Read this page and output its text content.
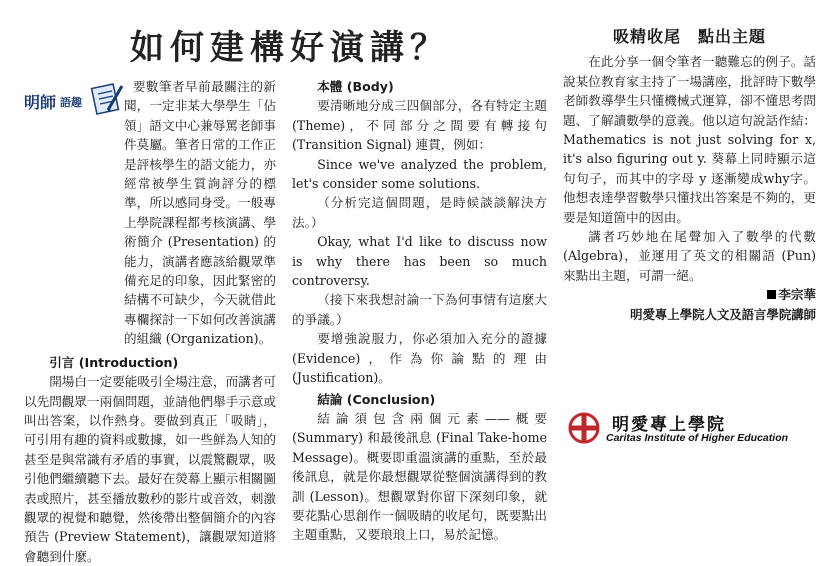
如何建構好演講？
明師 語趣

要數筆者早前最關注的新聞，一定非某大學學生「佔領」語文中心兼辱罵老師事件莫屬。筆者日常的工作正是評核學生的語文能力，亦經常被學生質詢評分的標準，所以感同身受。一般專上學院課程都考核演講、學術簡介 (Presentation) 的能力，演講者應該給觀眾準備充足的印象，因此緊密的結構不可缺少，今天就借此專欄探討一下如何改善演講的組織 (Organization)。

引言 (Introduction)

開場白一定要能吸引全場注意，而講者可以先問觀眾一兩個問題，並請他們舉手示意或叫出答案，以作熱身。要做到真正「吸睛」，可引用有趣的資料或數據，如一些鮮為人知的甚至是與常識有矛盾的事實，以震驚觀眾，吸引他們繼續聽下去。最好在熒幕上顯示相關圖表或照片，甚至播放數秒的影片或音效，刺激觀眾的視覺和聽覺，然後帶出整個簡介的內容預告 (Preview Statement)，讓觀眾知道將會聽到什麼。

本體 (Body)

要清晰地分成三四個部分，各有特定主題 (Theme)，不同部分之間要有轉接句 (Transition Signal) 連貫，例如：

Since we've analyzed the problem, let's consider some solutions.

（分析完這個問題，是時候談談解決方法。）

Okay, what I'd like to discuss now is why there has been so much controversy.

（接下來我想討論一下為何事情有這麼大的爭議。）

要增強說服力，你必須加入充分的證據 (Evidence)，作為你論點的理由 (Justification)。

結論 (Conclusion)

結論須包含兩個元素——概要 (Summary) 和最後訊息 (Final Take-home Message)。概要即重溫演講的重點，至於最後訊息，就是你最想觀眾從整個演講得到的教訓 (Lesson)。想觀眾對你留下深刻印象，就要花點心思創作一個吸睛的收尾句，既要點出主題重點，又要琅琅上口，易於記憶。

吸精收尾　點出主題

在此分享一個令筆者一聽難忘的例子。話說某位教育家主持了一場講座，批評時下數學老師教導學生只懂機械式運算，卻不懂思考問題、了解讀數學的意義。他以這句說話作結：Mathematics is not just solving for x, it's also figuring out y. 葵幕上同時顯示這句句子，而其中的字母 y 逐漸變成why字。他想表達學習數學只懂找出答案是不夠的，更要是知道箇中的因由。

講者巧妙地在尾聲加入了數學的代數 (Algebra)，並運用了英文的相關語 (Pun) 來點出主題，可謂一絕。

李宗華
明愛專上學院人文及語言學院講師
明愛專上學院
Caritas Institute of Higher Education
